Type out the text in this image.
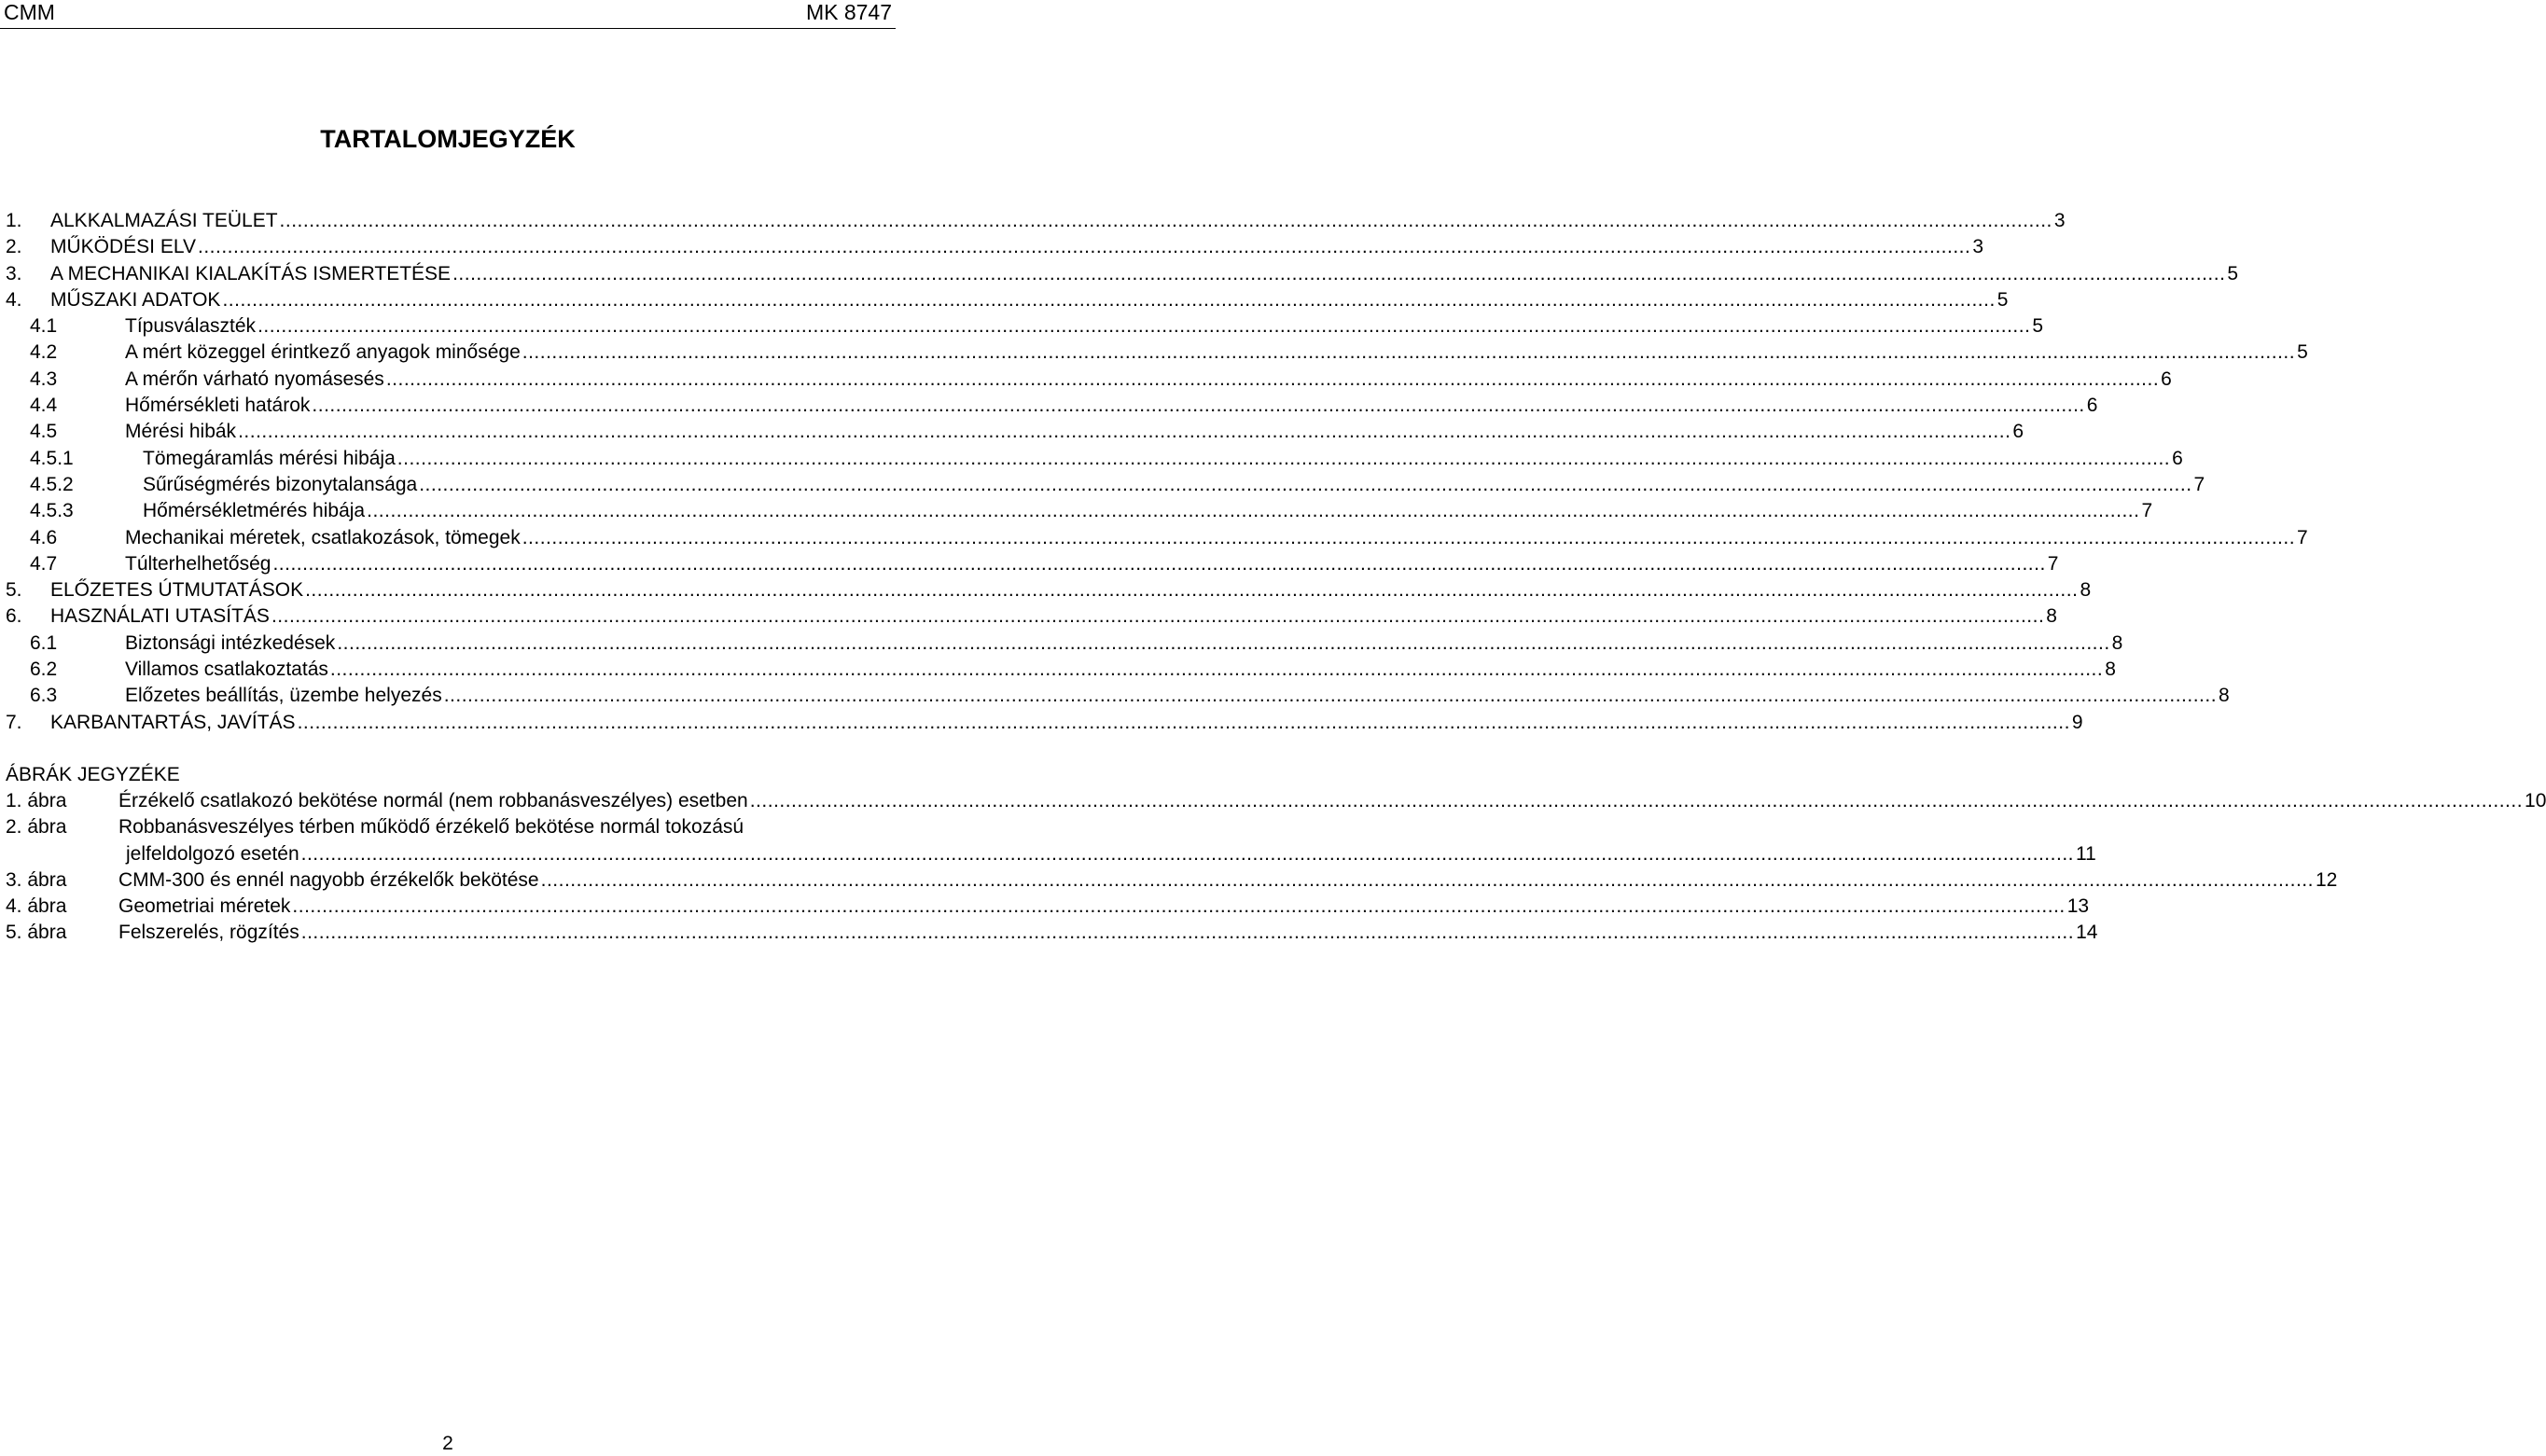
CMM	MK 8747
TARTALOMJEGYZÉK
1. ALKKALMAZÁSI TEÜLET ............................................................................................................................................................................................................................................................................................................ 3
2. MŰKÖDÉSI ELV ............................................................................................................................................................................................................................................................................................................ 3
3. A MECHANIKAI KIALAKÍTÁS ISMERTETÉSE ............................................................................................................................................................................................................................................................................................................ 5
4. MŰSZAKI ADATOK ............................................................................................................................................................................................................................................................................................................ 5
4.1	Típusválaszték ............................................................................................................................................................................................................................................................................................................ 5
4.2	A mért közeggel érintkező anyagok minősége ............................................................................................................................................................................................................................................................................................................ 5
4.3	A mérőn várható nyomásesés ............................................................................................................................................................................................................................................................................................................ 6
4.4	Hőmérsékleti határok ............................................................................................................................................................................................................................................................................................................ 6
4.5	Mérési hibák ............................................................................................................................................................................................................................................................................................................ 6
4.5.1	Tömegáramlás mérési hibája ............................................................................................................................................................................................................................................................................................................ 6
4.5.2	Sűrűségmérés bizonytalansága ............................................................................................................................................................................................................................................................................................................ 7
4.5.3	Hőmérsékletmérés hibája ............................................................................................................................................................................................................................................................................................................ 7
4.6	Mechanikai méretek, csatlakozások, tömegek ............................................................................................................................................................................................................................................................................................................ 7
4.7	Túlterhelhetőség ............................................................................................................................................................................................................................................................................................................ 7
5. ELŐZETES ÚTMUTATÁSOK ............................................................................................................................................................................................................................................................................................................ 8
6. HASZNÁLATI UTASÍTÁS ............................................................................................................................................................................................................................................................................................................ 8
6.1	Biztonsági intézkedések ............................................................................................................................................................................................................................................................................................................ 8
6.2	Villamos csatlakoztatás ............................................................................................................................................................................................................................................................................................................ 8
6.3	Előzetes beállítás, üzembe helyezés ............................................................................................................................................................................................................................................................................................................ 8
7. KARBANTARTÁS, JAVÍTÁS ............................................................................................................................................................................................................................................................................................................ 9
ÁBRÁK JEGYZÉKE
1. ábra	Érzékelő csatlakozó bekötése normál (nem robbanásveszélyes) esetben ............................................................................................................................................................................................................................................................................................................ 10
2. ábra	Robbanásveszélyes térben működő érzékelő bekötése normál tokozású
jelfeldolgozó esetén ............................................................................................................................................................................................................................................................................................................ 11
3. ábra	CMM-300 és ennél nagyobb érzékelők bekötése ............................................................................................................................................................................................................................................................................................................ 12
4. ábra	Geometriai méretek ............................................................................................................................................................................................................................................................................................................ 13
5. ábra	Felszerelés, rögzítés ............................................................................................................................................................................................................................................................................................................ 14
2
